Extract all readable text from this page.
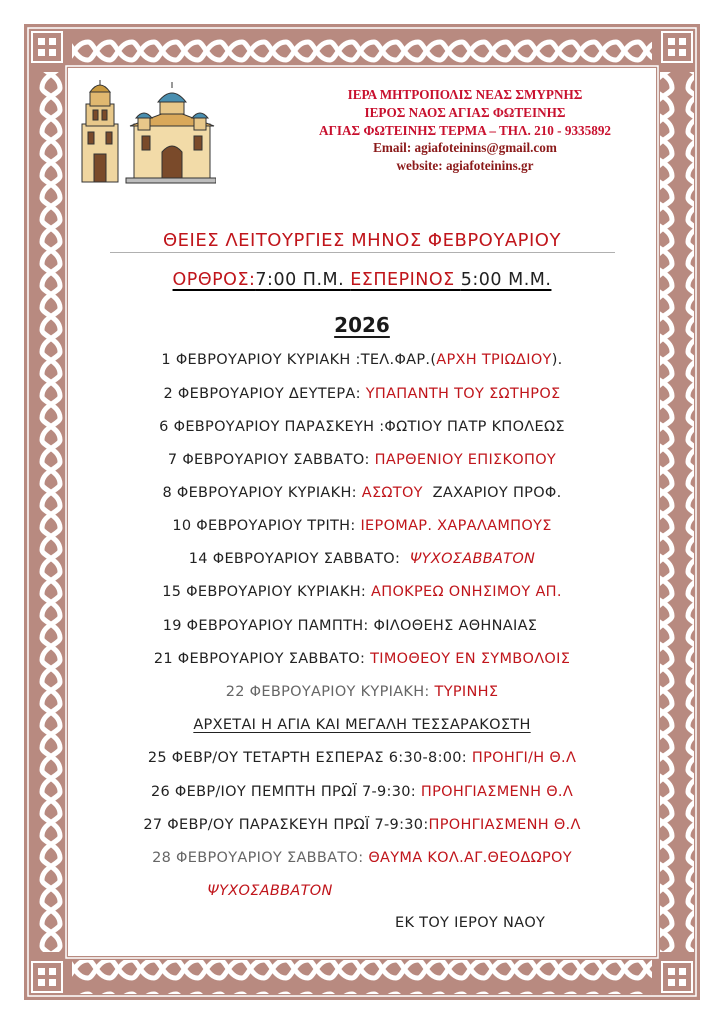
ΙΕΡΑ ΜΗΤΡΟΠΟΛΙΣ ΝΕΑΣ ΣΜΥΡΝΗΣ
ΙΕΡΟΣ ΝΑΟΣ ΑΓΙΑΣ ΦΩΤΕΙΝΗΣ
ΑΓΙΑΣ ΦΩΤΕΙΝΗΣ ΤΕΡΜΑ – ΤΗΛ. 210 - 9335892
Email: agiafoteinins@gmail.com
website: agiafoteinins.gr
ΘΕΙΕΣ ΛΕΙΤΟΥΡΓΙΕΣ ΜΗΝΟΣ ΦΕΒΡΟΥΑΡΙΟΥ
ΟΡΘΡΟΣ:7:00 Π.Μ. ΕΣΠΕΡΙΝΟΣ 5:00 Μ.Μ.
2026
1 ΦΕΒΡΟΥΑΡΙΟΥ ΚΥΡΙΑΚΗ :ΤΕΛ.ΦΑΡ.(ΑΡΧΗ ΤΡΙΩΔΙΟΥ).
2 ΦΕΒΡΟΥΑΡΙΟΥ ΔΕΥΤΕΡΑ: ΥΠΑΠΑΝΤΗ ΤΟΥ ΣΩΤΗΡΟΣ
6 ΦΕΒΡΟΥΑΡΙΟΥ ΠΑΡΑΣΚΕΥΗ :ΦΩΤΙΟΥ ΠΑΤΡ ΚΠΟΛΕΩΣ
7 ΦΕΒΡΟΥΑΡΙΟΥ ΣΑΒΒΑΤΟ: ΠΑΡΘΕΝΙΟΥ ΕΠΙΣΚΟΠΟΥ
8 ΦΕΒΡΟΥΑΡΙΟΥ ΚΥΡΙΑΚΗ: ΑΣΩΤΟΥ  ΖΑΧΑΡΙΟΥ ΠΡΟΦ.
10 ΦΕΒΡΟΥΑΡΙΟΥ ΤΡΙΤΗ: ΙΕΡΟΜΑΡ. ΧΑΡΑΛΑΜΠΟΥΣ
14 ΦΕΒΡΟΥΑΡΙΟΥ ΣΑΒΒΑΤΟ:  ΨΥΧΟΣΑΒΒΑΤΟΝ
15 ΦΕΒΡΟΥΑΡΙΟΥ ΚΥΡΙΑΚΗ: ΑΠΟΚΡΕΩ ΟΝΗΣΙΜΟΥ ΑΠ.
19 ΦΕΒΡΟΥΑΡΙΟΥ ΠΑΜΠΤΗ: ΦΙΛΟΘΕΗΣ ΑΘΗΝΑΙΑΣ
21 ΦΕΒΡΟΥΑΡΙΟΥ ΣΑΒΒΑΤΟ: ΤΙΜΟΘΕΟΥ ΕΝ ΣΥΜΒΟΛΟΙΣ
22 ΦΕΒΡΟΥΑΡΙΟΥ ΚΥΡΙΑΚΗ: ΤΥΡΙΝΗΣ
ΑΡΧΕΤΑΙ Η ΑΓΙΑ ΚΑΙ ΜΕΓΑΛΗ ΤΕΣΣΑΡΑΚΟΣΤΗ
25 ΦΕΒΡ/ΟΥ ΤΕΤΑΡΤΗ ΕΣΠΕΡΑΣ 6:30-8:00: ΠΡΟΗΓΙ/Η Θ.Λ
26 ΦΕΒΡ/ΙΟΥ ΠΕΜΠΤΗ ΠΡΩΪ 7-9:30: ΠΡΟΗΓΙΑΣΜΕΝΗ Θ.Λ
27 ΦΕΒΡ/ΟΥ ΠΑΡΑΣΚΕΥΗ ΠΡΩΪ 7-9:30:ΠΡΟΗΓΙΑΣΜΕΝΗ Θ.Λ
28 ΦΕΒΡΟΥΑΡΙΟΥ ΣΑΒΒΑΤΟ: ΘΑΥΜΑ ΚΟΛ.ΑΓ.ΘΕΟΔΩΡΟΥ
ΨΥΧΟΣΑΒΒΑΤΟΝ
ΕΚ ΤΟΥ ΙΕΡΟΥ ΝΑΟΥ
